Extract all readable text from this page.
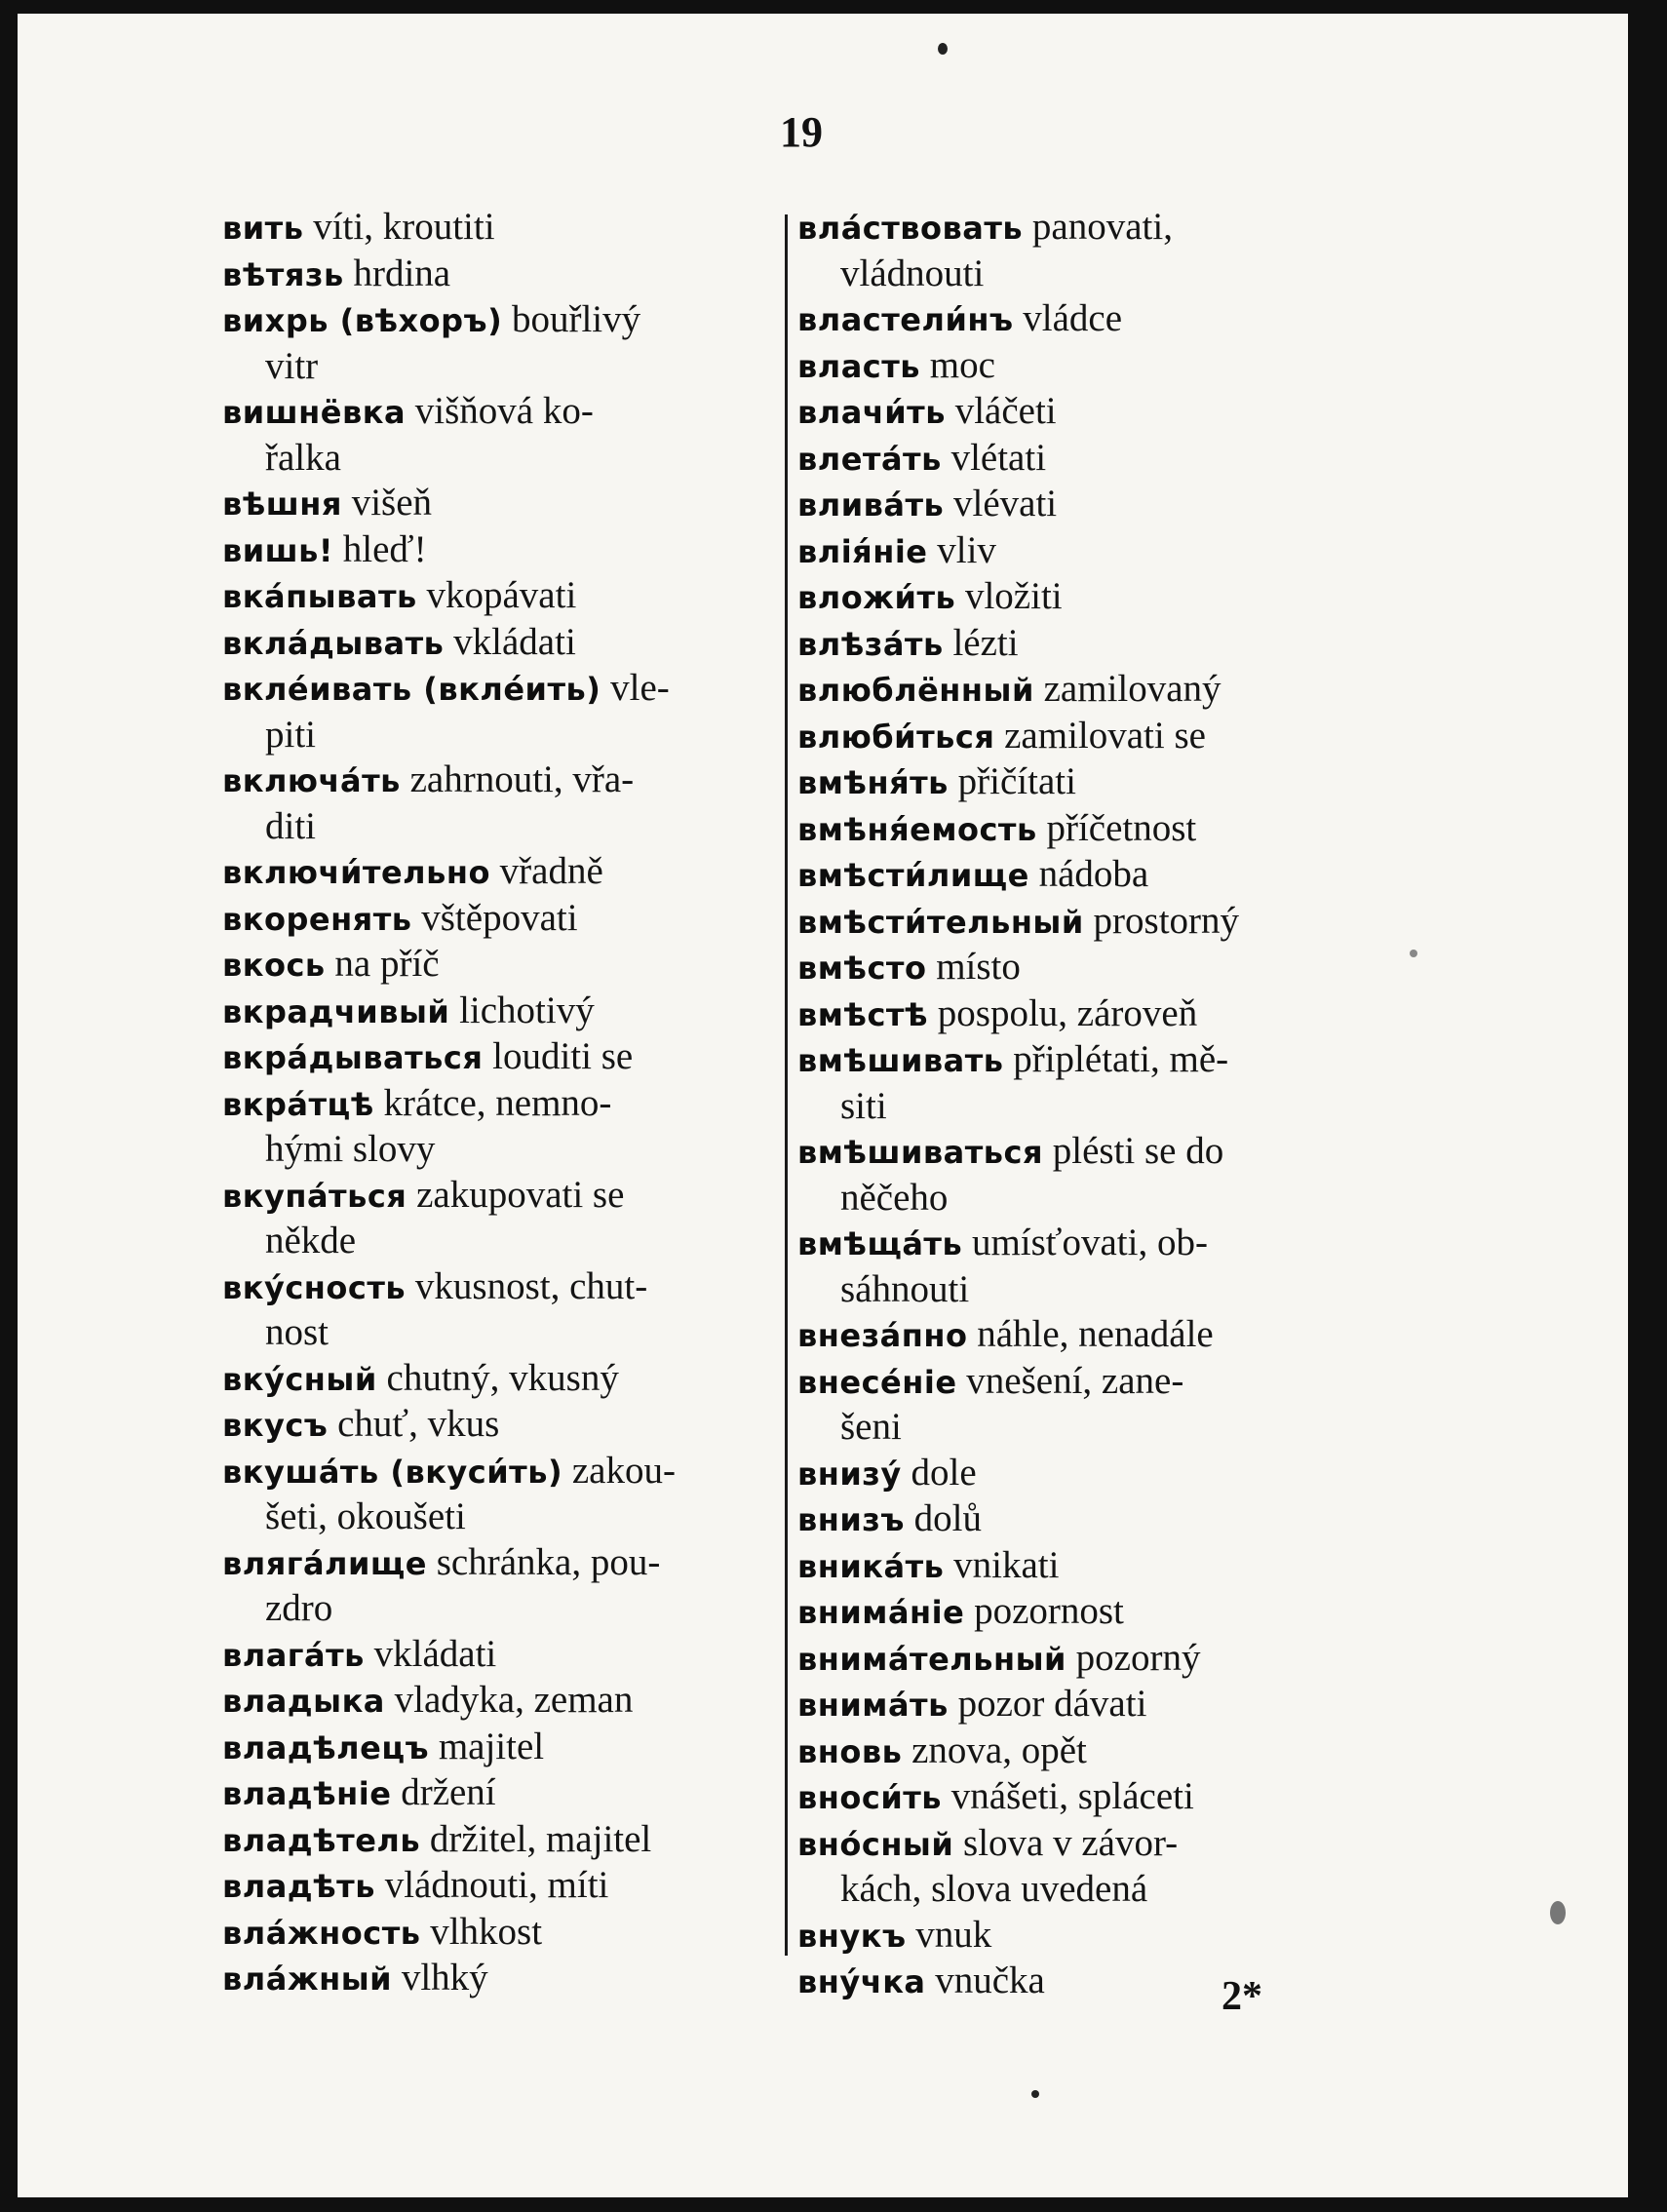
19
вить víti, kroutiti
вѣтязь hrdina
вихрь (вѣхоръ) bouřlivý
vitr
вишнёвка višňová ko-
řalka
вѣшня višeň
вишь! hleď!
вкáпывать vkopávati
вкла́дывать vkládati
вкле́ивать (вкле́ить) vle-
piti
включáть zahrnouti, vřa-
diti
включи́тельно vřadně
вкоренять vštěpovati
вкось na příč
вкрадчивый lichotivý
вкрáдываться louditi se
вкрáтцѣ krátce, nemno-
hými slovy
вкупáться zakupovati se
někde
вкýсность vkusnost, chut-
nost
вкýсный chutný, vkusný
вкусъ chuť, vkus
вкушáть (вкуси́ть) zakou-
šeti, okoušeti
влягáлище schránka, pou-
zdro
влагáть vkládati
владыка vladyka, zeman
владѣлецъ majitel
владѣніе držení
владѣтель držitel, majitel
владѣть vládnouti, míti
влáжность vlhkost
влáжный vlhký
влáствовать panovati,
vládnouti
властели́нъ vládce
власть moc
влачи́ть vláčeti
влетáть vlétati
вливáть vlévati
влія́ніе vliv
вложи́ть vložiti
влѣзáть lézti
влюблённый zamilovaný
влюби́ться zamilovati se
вмѣня́ть přičítati
вмѣня́емость příčetnost
вмѣсти́лище nádoba
вмѣсти́тельный prostorný
вмѣсто místo
вмѣстѣ pospolu, zároveň
вмѣшивать připlétati, mě-
siti
вмѣшиваться plésti se do
něčeho
вмѣщáть umísťovati, ob-
sáhnouti
внезáпно náhle, nenadále
внесéніе vnešení, zane-
šeni
внизý dole
внизъ dolů
вникáть vnikati
внимáніе pozornost
внимáтельный pozorný
внимáть pozor dávati
вновь znova, opět
вноси́ть vnášeti, spláceti
внóсный slova v závor-
kách, slova uvedená
внукъ vnuk
внýчка vnučka	2*
